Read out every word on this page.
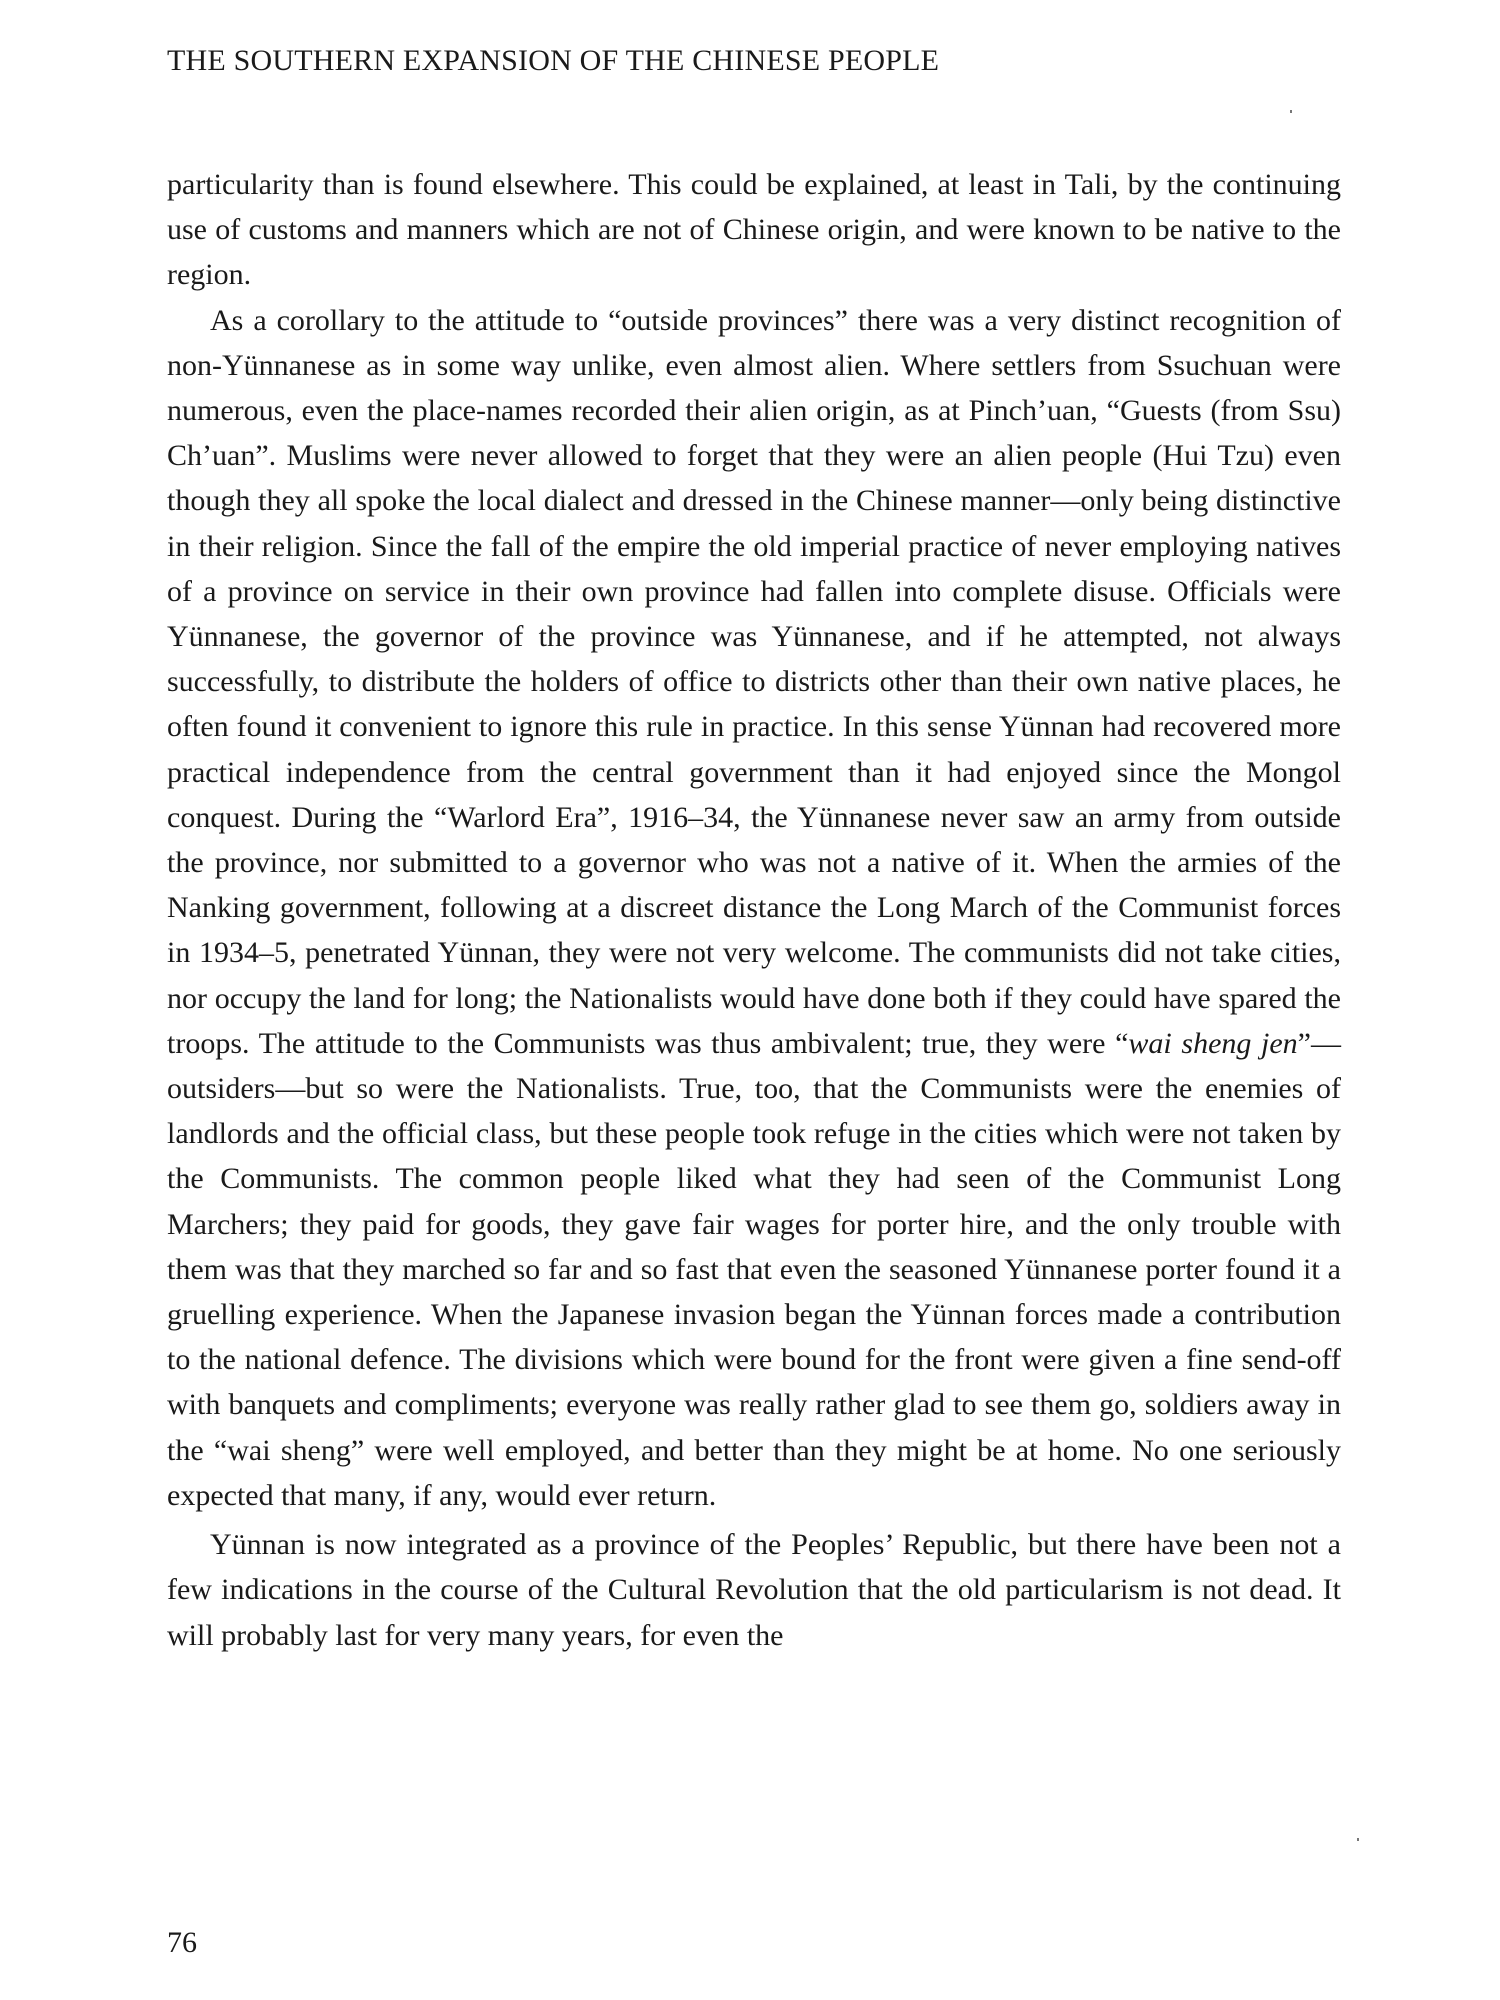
THE SOUTHERN EXPANSION OF THE CHINESE PEOPLE

particularity than is found elsewhere. This could be explained, at least in Tali, by the continuing use of customs and manners which are not of Chinese origin, and were known to be native to the region.

As a corollary to the attitude to “outside provinces” there was a very distinct recognition of non-Yünnanese as in some way unlike, even almost alien. Where settlers from Ssuchuan were numerous, even the place-names recorded their alien origin, as at Pinch’uan, “Guests (from Ssu) Ch’uan”. Muslims were never allowed to forget that they were an alien people (Hui Tzu) even though they all spoke the local dialect and dressed in the Chinese manner—only being distinctive in their religion. Since the fall of the empire the old imperial practice of never employing natives of a province on service in their own province had fallen into complete disuse. Officials were Yünnanese, the governor of the province was Yünnanese, and if he attempted, not always successfully, to distribute the holders of office to districts other than their own native places, he often found it convenient to ignore this rule in practice. In this sense Yünnan had recovered more practical independence from the central government than it had enjoyed since the Mongol conquest. During the “Warlord Era”, 1916–34, the Yünnanese never saw an army from outside the province, nor submitted to a governor who was not a native of it. When the armies of the Nanking government, following at a discreet distance the Long March of the Communist forces in 1934–5, penetrated Yünnan, they were not very welcome. The communists did not take cities, nor occupy the land for long; the Nationalists would have done both if they could have spared the troops. The attitude to the Communists was thus ambivalent; true, they were “wai sheng jen”— outsiders—but so were the Nationalists. True, too, that the Communists were the enemies of landlords and the official class, but these people took refuge in the cities which were not taken by the Communists. The common people liked what they had seen of the Communist Long Marchers; they paid for goods, they gave fair wages for porter hire, and the only trouble with them was that they marched so far and so fast that even the seasoned Yünnanese porter found it a gruelling experience. When the Japanese invasion began the Yünnan forces made a contribution to the national defence. The divisions which were bound for the front were given a fine send-off with banquets and compliments; everyone was really rather glad to see them go, soldiers away in the “wai sheng” were well employed, and better than they might be at home. No one seriously expected that many, if any, would ever return.

Yünnan is now integrated as a province of the Peoples’ Republic, but there have been not a few indications in the course of the Cultural Revolution that the old particularism is not dead. It will probably last for very many years, for even the

76
